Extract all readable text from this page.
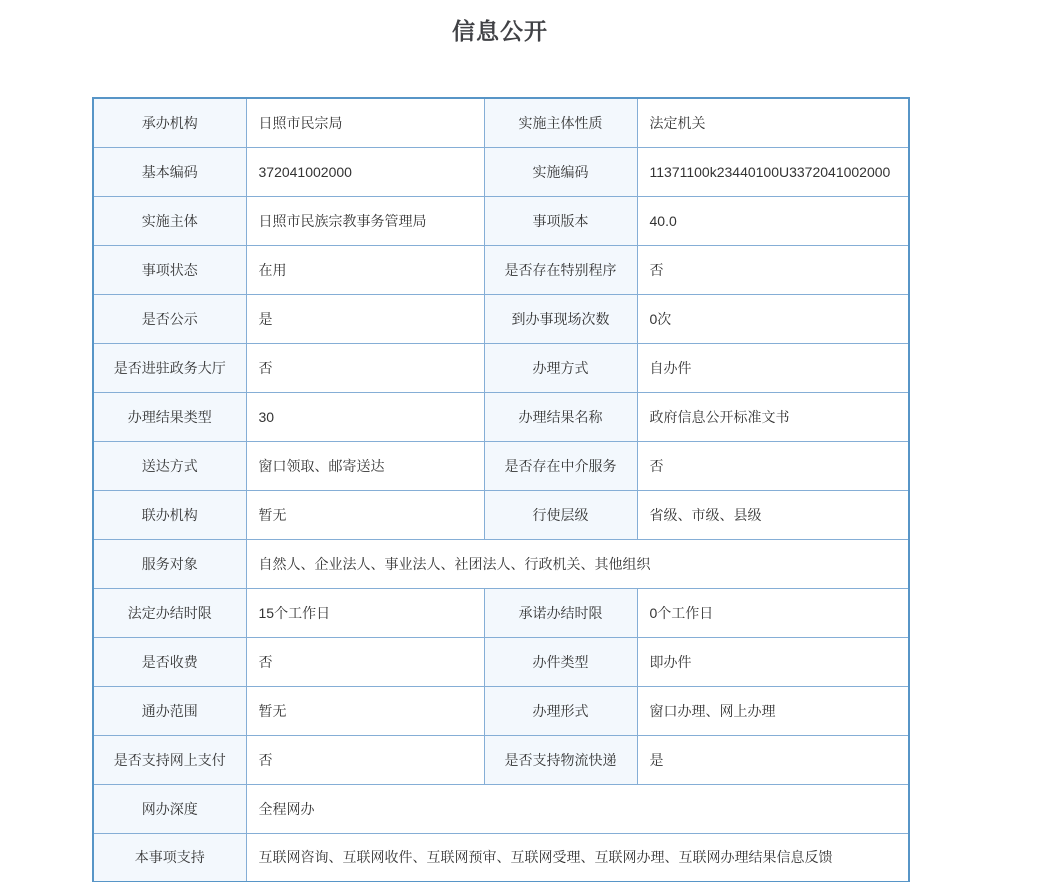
信息公开
承办机构	日照市民宗局	实施主体性质	法定机关
基本编码	372041002000	实施编码	11371100k23440100U3372041002000
实施主体	日照市民族宗教事务管理局	事项版本	40.0
事项状态	在用	是否存在特别程序	否
是否公示	是	到办事现场次数	0次
是否进驻政务大厅	否	办理方式	自办件
办理结果类型	30	办理结果名称	政府信息公开标准文书
送达方式	窗口领取、邮寄送达	是否存在中介服务	否
联办机构	暂无	行使层级	省级、市级、县级
服务对象	自然人、企业法人、事业法人、社团法人、行政机关、其他组织		
法定办结时限	15个工作日	承诺办结时限	0个工作日
是否收费	否	办件类型	即办件
通办范围	暂无	办理形式	窗口办理、网上办理
是否支持网上支付	否	是否支持物流快递	是
网办深度	全程网办		
本事项支持	互联网咨询、互联网收件、互联网预审、互联网受理、互联网办理、互联网办理结果信息反馈		
